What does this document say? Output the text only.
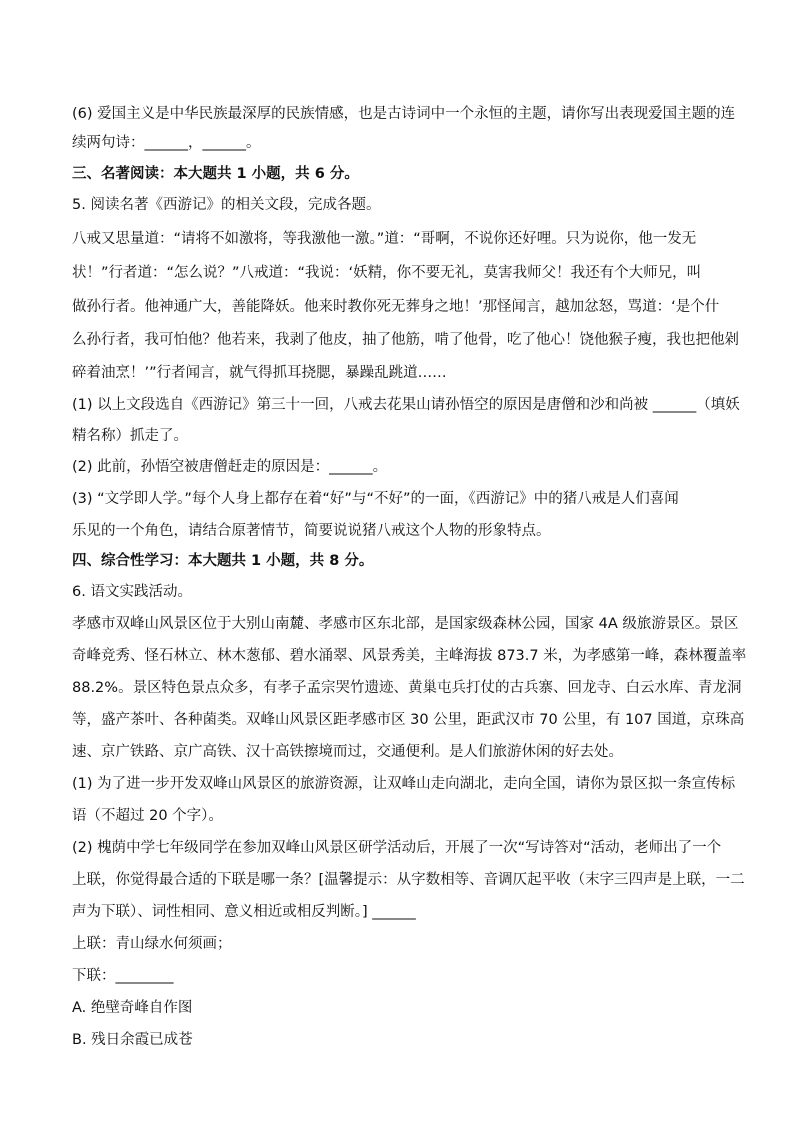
(6) 爱国主义是中华民族最深厚的民族情感，也是古诗词中一个永恒的主题，请你写出表现爱国主题的连
续两句诗：______，______。
三、名著阅读：本大题共 1 小题，共 6 分。
5. 阅读名著《西游记》的相关文段，完成各题。
八戒又思量道：“请将不如激将，等我激他一激。”道：“哥啊，不说你还好哩。只为说你，他一发无
状！”行者道：“怎么说？”八戒道：“我说：‘妖精，你不要无礼，莫害我师父！我还有个大师兄，叫
做孙行者。他神通广大，善能降妖。他来时教你死无葬身之地！’那怪闻言，越加忿怒，骂道：‘是个什
么孙行者，我可怕他？他若来，我剥了他皮，抽了他筋，啃了他骨，吃了他心！饶他猴子瘦，我也把他剁
碎着油烹！’”行者闻言，就气得抓耳挠腮，暴躁乱跳道……
(1) 以上文段选自《西游记》第三十一回，八戒去花果山请孙悟空的原因是唐僧和沙和尚被 ______（填妖
精名称）抓走了。
(2) 此前，孙悟空被唐僧赶走的原因是：______。
(3) “文学即人学。”每个人身上都存在着“好”与“不好”的一面，《西游记》中的猪八戒是人们喜闻
乐见的一个角色，请结合原著情节，简要说说猪八戒这个人物的形象特点。
四、综合性学习：本大题共 1 小题，共 8 分。
6. 语文实践活动。
孝感市双峰山风景区位于大别山南麓、孝感市区东北部，是国家级森林公园，国家 4A 级旅游景区。景区
奇峰竞秀、怪石林立、林木葱郁、碧水涌翠、风景秀美，主峰海拔 873.7 米，为孝感第一峰，森林覆盖率
88.2%。景区特色景点众多，有孝子孟宗哭竹遗迹、黄巢屯兵打仗的古兵寨、回龙寺、白云水库、青龙洞
等，盛产茶叶、各种菌类。双峰山风景区距孝感市区 30 公里，距武汉市 70 公里，有 107 国道，京珠高
速、京广铁路、京广高铁、汉十高铁擦境而过，交通便利。是人们旅游休闲的好去处。
(1) 为了进一步开发双峰山风景区的旅游资源，让双峰山走向湖北，走向全国，请你为景区拟一条宣传标
语（不超过 20 个字）。
(2) 槐荫中学七年级同学在参加双峰山风景区研学活动后，开展了一次“写诗答对“活动，老师出了一个
上联，你觉得最合适的下联是哪一条？[温馨提示：从字数相等、音调仄起平收（末字三四声是上联，一二
声为下联）、词性相同、意义相近或相反判断。] ______
上联：青山绿水何须画；
下联：________
A. 绝壁奇峰自作图
B. 残日余霞已成苍
